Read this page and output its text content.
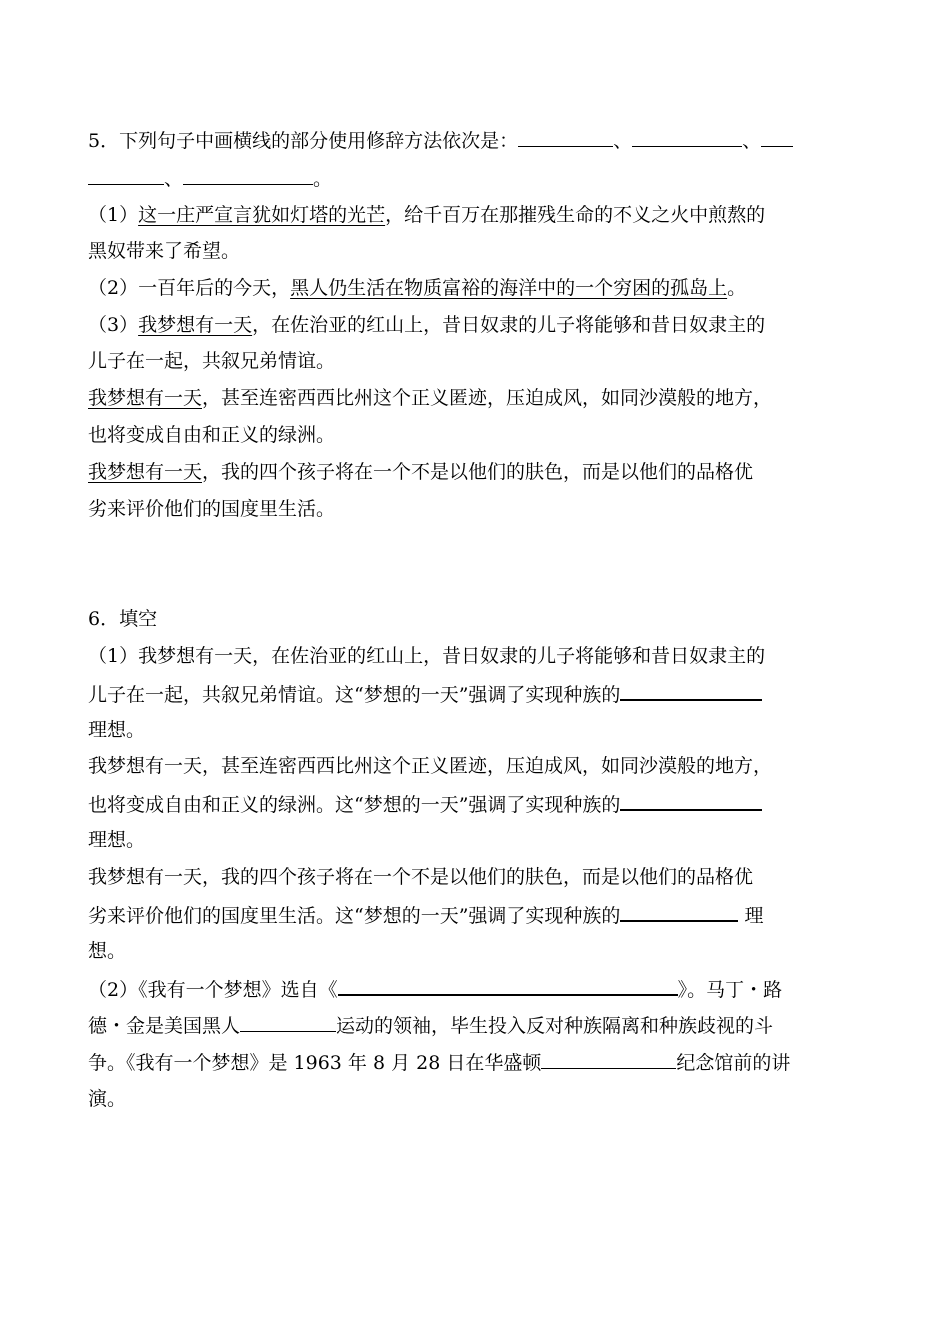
5．下列句子中画横线的部分使用修辞方法依次是：	、	、
、	。
（1）这一庄严宣言犹如灯塔的光芒，给千百万在那摧残生命的不义之火中煎熬的
黑奴带来了希望。
（2）一百年后的今天，黑人仍生活在物质富裕的海洋中的一个穷困的孤岛上。
（3）我梦想有一天，在佐治亚的红山上，昔日奴隶的儿子将能够和昔日奴隶主的
儿子在一起，共叙兄弟情谊。
我梦想有一天，甚至连密西西比州这个正义匿迹，压迫成风，如同沙漠般的地方，
也将变成自由和正义的绿洲。
我梦想有一天，我的四个孩子将在一个不是以他们的肤色，而是以他们的品格优
劣来评价他们的国度里生活。
6．填空
（1）我梦想有一天，在佐治亚的红山上，昔日奴隶的儿子将能够和昔日奴隶主的
儿子在一起，共叙兄弟情谊。这“梦想的一天”强调了实现种族的
理想。
我梦想有一天，甚至连密西西比州这个正义匿迹，压迫成风，如同沙漠般的地方，
也将变成自由和正义的绿洲。这“梦想的一天”强调了实现种族的
理想。
我梦想有一天，我的四个孩子将在一个不是以他们的肤色，而是以他们的品格优
劣来评价他们的国度里生活。这“梦想的一天”强调了实现种族的	理
想。
（2）《我有一个梦想》选自《	》。马丁・路
德・金是美国黑人	运动的领袖，毕生投入反对种族隔离和种族歧视的斗
争。《我有一个梦想》是 1963 年 8 月 28 日在华盛顿	纪念馆前的讲
演。
